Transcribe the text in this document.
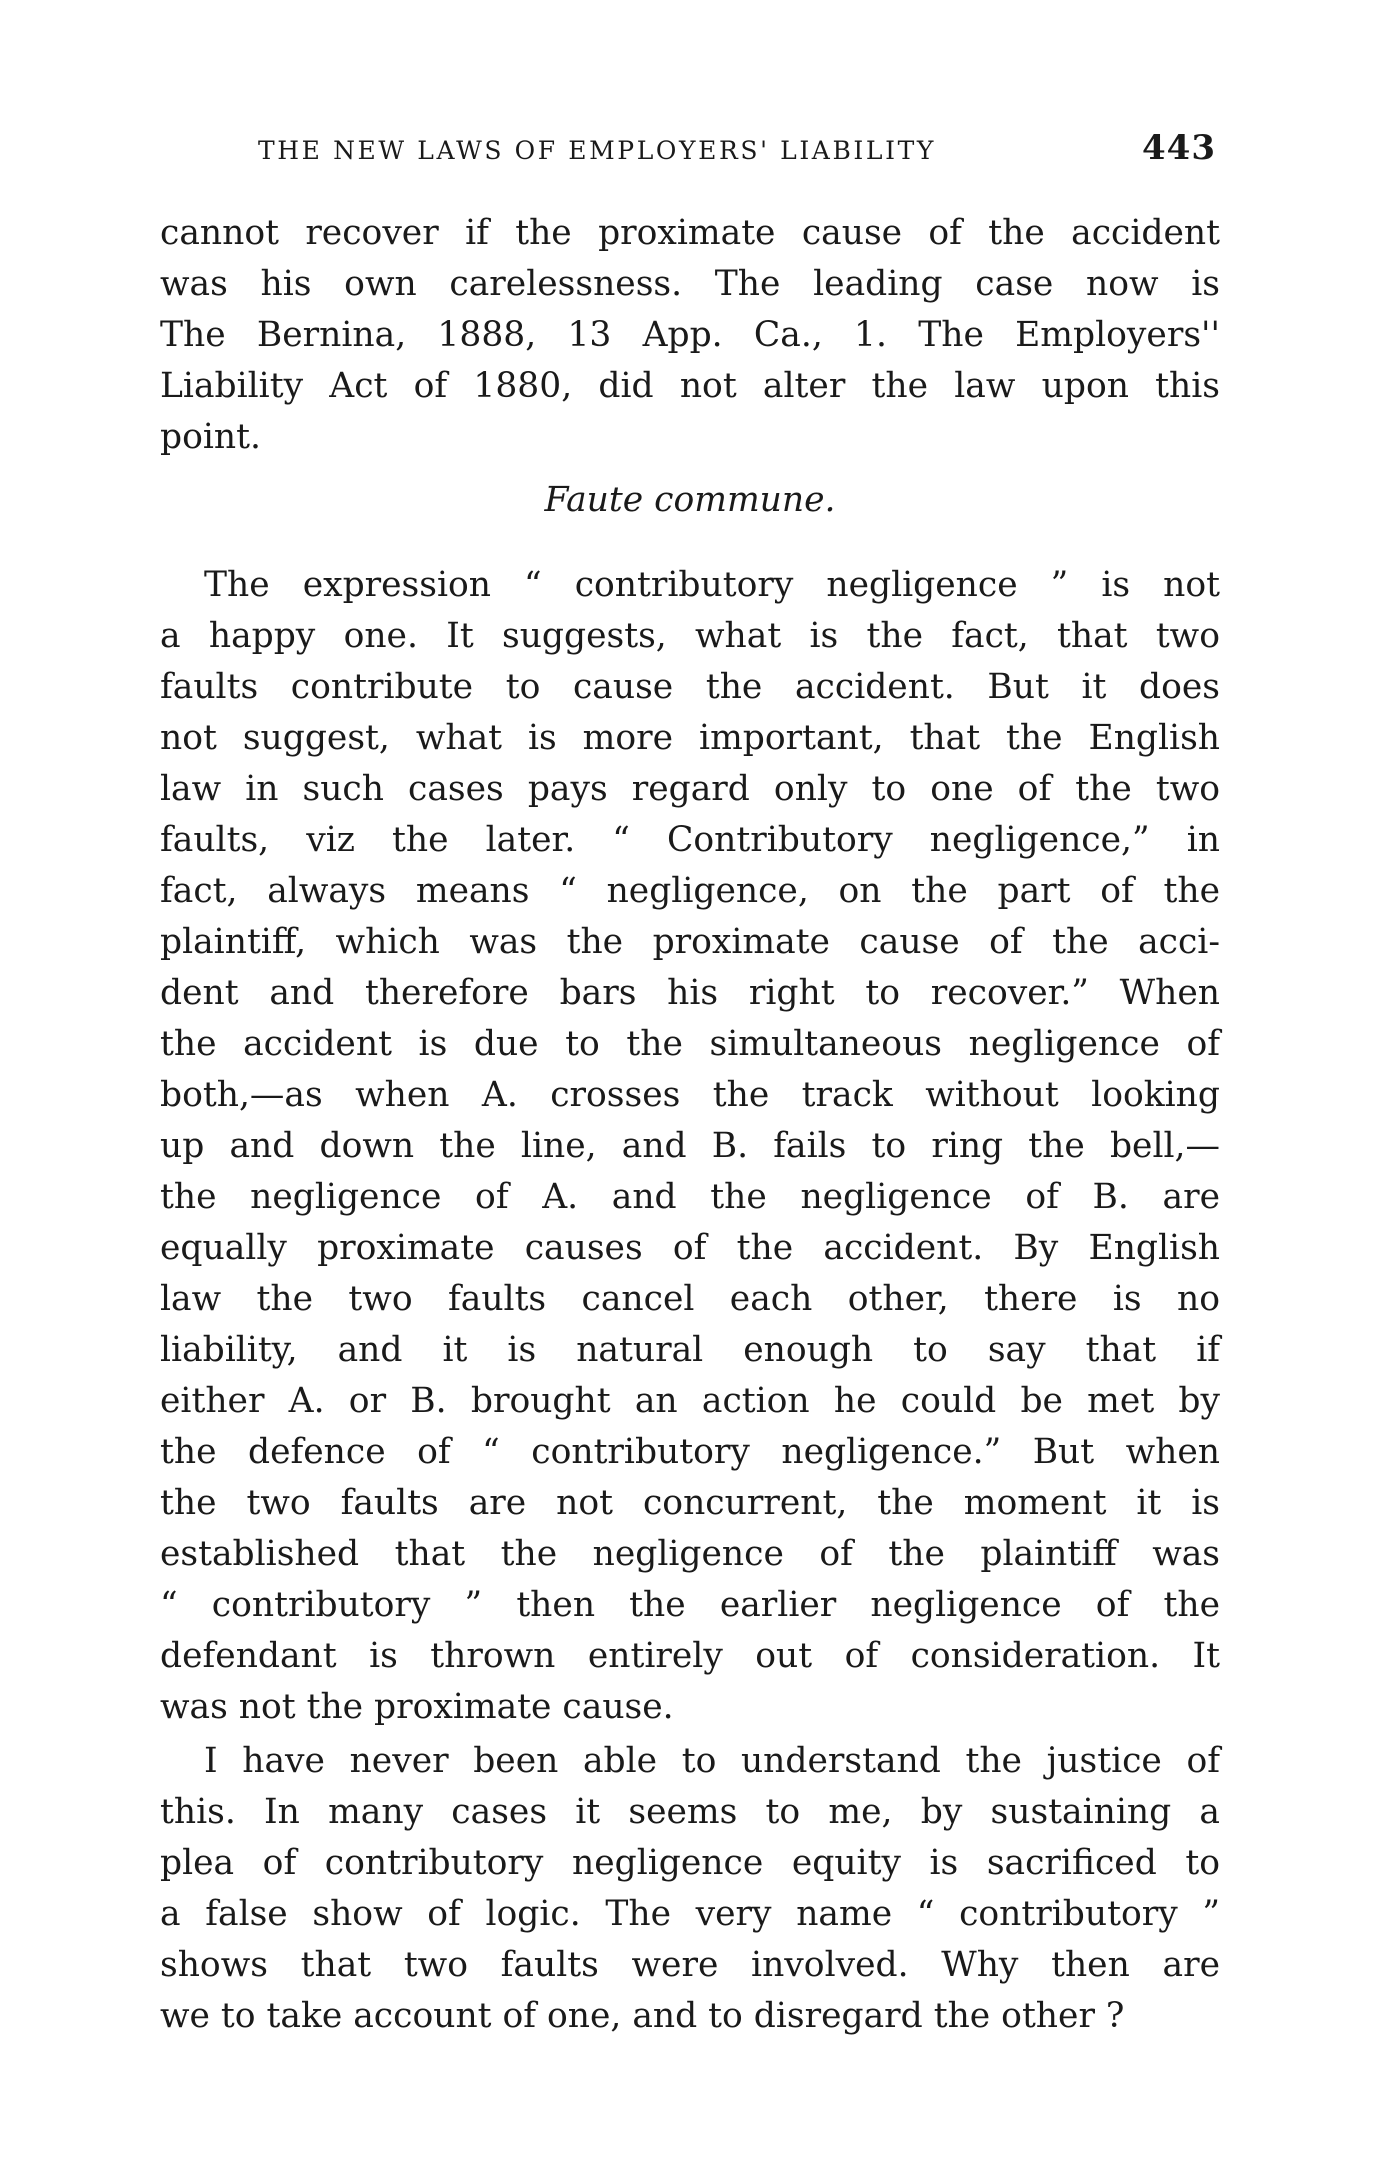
THE NEW LAWS OF EMPLOYERS' LIABILITY	443
cannot recover if the proximate cause of the accident
was his own carelessness. The leading case now is
The Bernina, 1888, 13 App. Ca., 1. The Employers''
Liability Act of 1880, did not alter the law upon this
point.
Faute commune.
The expression “ contributory negligence ” is not
a happy one. It suggests, what is the fact, that two
faults contribute to cause the accident. But it does
not suggest, what is more important, that the English
law in such cases pays regard only to one of the two
faults, viz the later. “ Contributory negligence,” in
fact, always means “ negligence, on the part of the
plaintiff, which was the proximate cause of the acci-
dent and therefore bars his right to recover.” When
the accident is due to the simultaneous negligence of
both,—as when A. crosses the track without looking
up and down the line, and B. fails to ring the bell,—
the negligence of A. and the negligence of B. are
equally proximate causes of the accident. By English
law the two faults cancel each other, there is no
liability, and it is natural enough to say that if
either A. or B. brought an action he could be met by
the defence of “ contributory negligence.” But when
the two faults are not concurrent, the moment it is
established that the negligence of the plaintiff was
“ contributory ” then the earlier negligence of the
defendant is thrown entirely out of consideration. It
was not the proximate cause.
I have never been able to understand the justice of
this. In many cases it seems to me, by sustaining a
plea of contributory negligence equity is sacrificed to
a false show of logic. The very name “ contributory ”
shows that two faults were involved. Why then are
we to take account of one, and to disregard the other ?
